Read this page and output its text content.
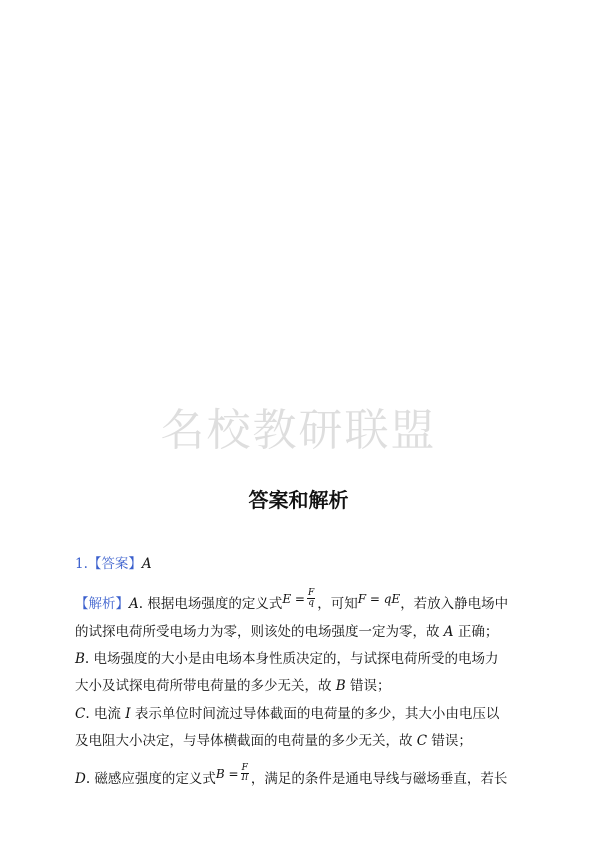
名校教研联盟
答案和解析
1.【答案】A
【解析】A. 根据电场强度的定义式$E = \frac{F}{q}$ ，可知F = qE，若放入静电场中
的试探电荷所受电场力为零，则该处的电场强度一定为零，故 A 正确；
B. 电场强度的大小是由电场本身性质决定的，与试探电荷所受的电场力
大小及试探电荷所带电荷量的多少无关，故 B 错误；
C. 电流 I 表示单位时间流过导体截面的电荷量的多少，其大小由电压以
及电阻大小决定，与导体横截面的电荷量的多少无关，故 C 错误；
D. 磁感应强度的定义式$B = \frac{F}{Il}$ ，满足的条件是通电导线与磁场垂直，若长
